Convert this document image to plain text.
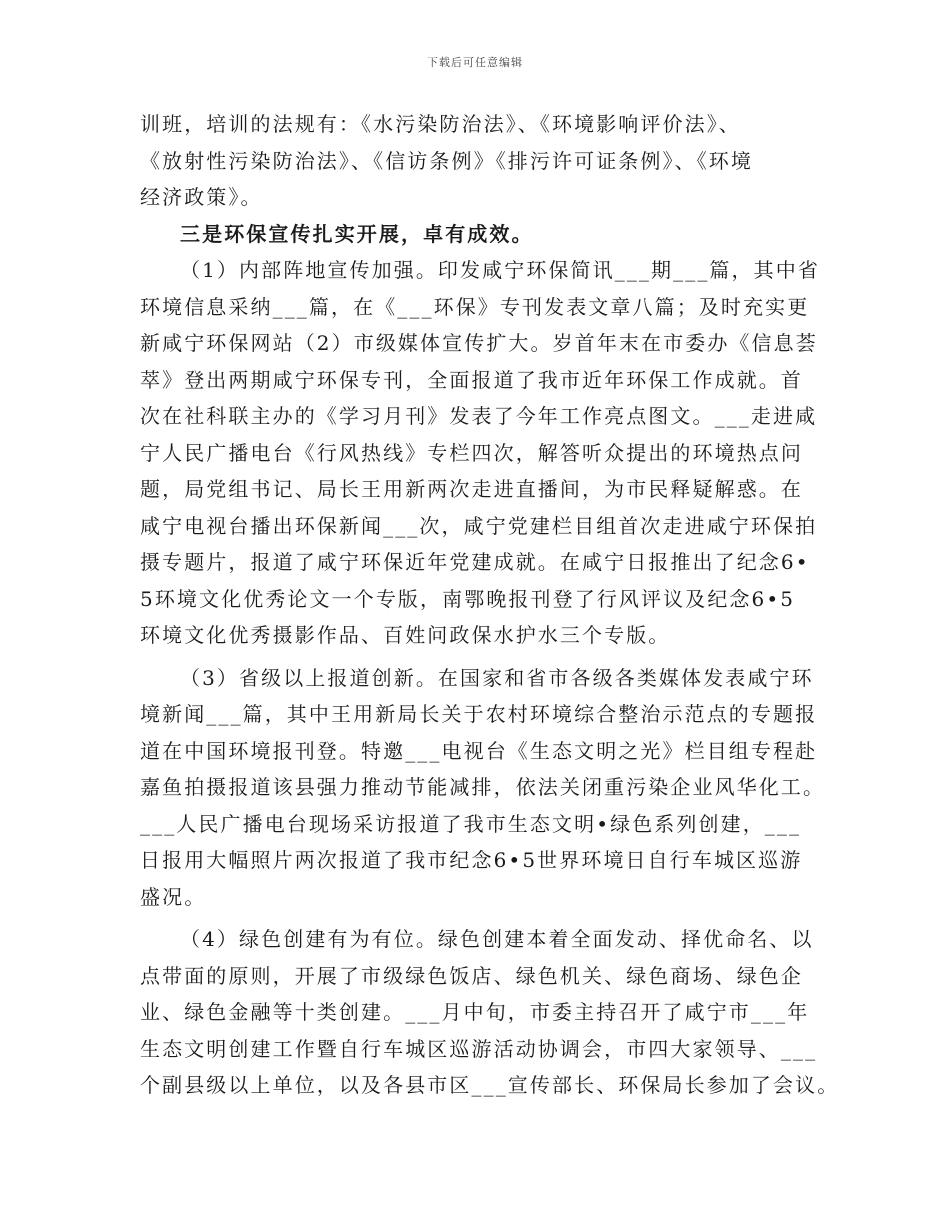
下载后可任意编辑

训班，培训的法规有：《水污染防治法》、《环境影响评价法》、
《放射性污染防治法》、《信访条例》《排污许可证条例》、《环境
经济政策》。

三是环保宣传扎实开展，卓有成效。

（1）内部阵地宣传加强。印发咸宁环保简讯___期___篇，其中省
环境信息采纳___篇，在《___环保》专刊发表文章八篇；及时充实更
新咸宁环保网站（2）市级媒体宣传扩大。岁首年末在市委办《信息荟
萃》登出两期咸宁环保专刊，全面报道了我市近年环保工作成就。首
次在社科联主办的《学习月刊》发表了今年工作亮点图文。___走进咸
宁人民广播电台《行风热线》专栏四次，解答听众提出的环境热点问
题，局党组书记、局长王用新两次走进直播间，为市民释疑解惑。在
咸宁电视台播出环保新闻___次，咸宁党建栏目组首次走进咸宁环保拍
摄专题片，报道了咸宁环保近年党建成就。在咸宁日报推出了纪念6•
5环境文化优秀论文一个专版，南鄂晚报刊登了行风评议及纪念6•5
环境文化优秀摄影作品、百姓问政保水护水三个专版。

（3）省级以上报道创新。在国家和省市各级各类媒体发表咸宁环
境新闻___篇，其中王用新局长关于农村环境综合整治示范点的专题报
道在中国环境报刊登。特邀___电视台《生态文明之光》栏目组专程赴
嘉鱼拍摄报道该县强力推动节能减排，依法关闭重污染企业风华化工。
___人民广播电台现场采访报道了我市生态文明•绿色系列创建，___
日报用大幅照片两次报道了我市纪念6•5世界环境日自行车城区巡游
盛况。

（4）绿色创建有为有位。绿色创建本着全面发动、择优命名、以
点带面的原则，开展了市级绿色饭店、绿色机关、绿色商场、绿色企
业、绿色金融等十类创建。___月中旬，市委主持召开了咸宁市___年
生态文明创建工作暨自行车城区巡游活动协调会，市四大家领导、___
个副县级以上单位，以及各县市区___宣传部长、环保局长参加了会议。
